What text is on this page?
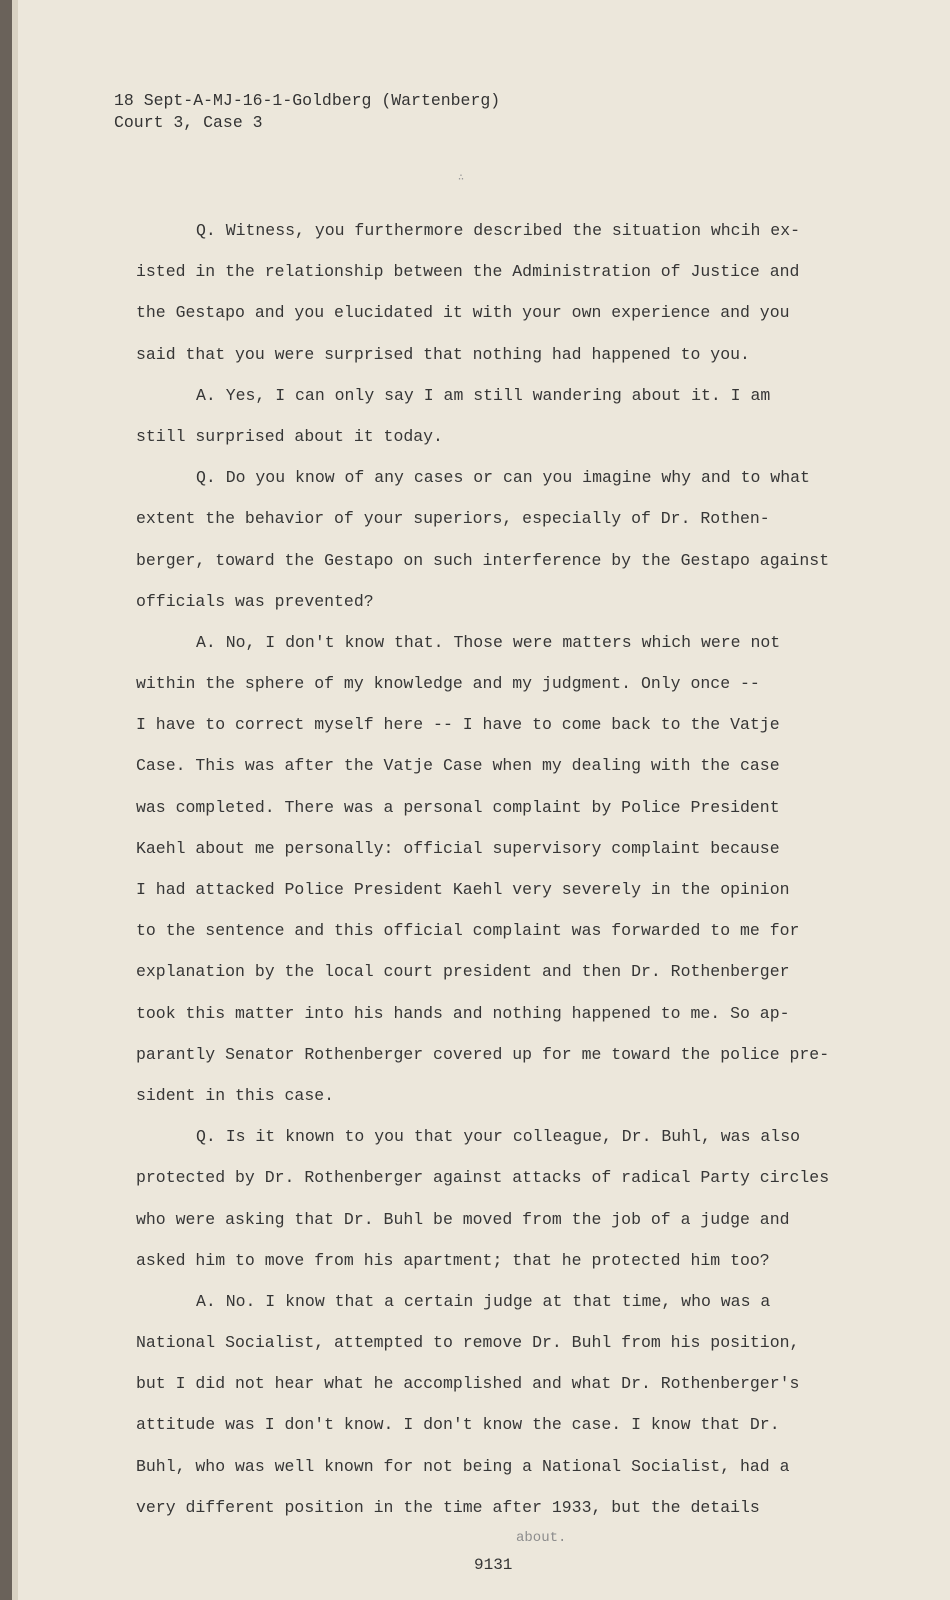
18 Sept-A-MJ-16-1-Goldberg (Wartenberg)
Court 3, Case 3
∴
Q. Witness, you furthermore described the situation whcih ex-
isted in the relationship between the Administration of Justice and
the Gestapo and you elucidated it with your own experience and you
said that you were surprised that nothing had happened to you.
A. Yes, I can only say I am still wandering about it. I am
still surprised about it today.
Q. Do you know of any cases or can you imagine why and to what
extent the behavior of your superiors, especially of Dr. Rothen-
berger, toward the Gestapo on such interference by the Gestapo against
officials was prevented?
A. No, I don't know that. Those were matters which were not
within the sphere of my knowledge and my judgment. Only once --
I have to correct myself here -- I have to come back to the Vatje
Case. This was after the Vatje Case when my dealing with the case
was completed. There was a personal complaint by Police President
Kaehl about me personally: official supervisory complaint because
I had attacked Police President Kaehl very severely in the opinion
to the sentence and this official complaint was forwarded to me for
explanation by the local court president and then Dr. Rothenberger
took this matter into his hands and nothing happened to me. So ap-
parantly Senator Rothenberger covered up for me toward the police pre-
sident in this case.
Q. Is it known to you that your colleague, Dr. Buhl, was also
protected by Dr. Rothenberger against attacks of radical Party circles
who were asking that Dr. Buhl be moved from the job of a judge and
asked him to move from his apartment; that he protected him too?
A. No. I know that a certain judge at that time, who was a
National Socialist, attempted to remove Dr. Buhl from his position,
but I did not hear what he accomplished and what Dr. Rothenberger's
attitude was I don't know. I don't know the case. I know that Dr.
Buhl, who was well known for not being a National Socialist, had a
very different position in the time after 1933, but the details
about.
9131
